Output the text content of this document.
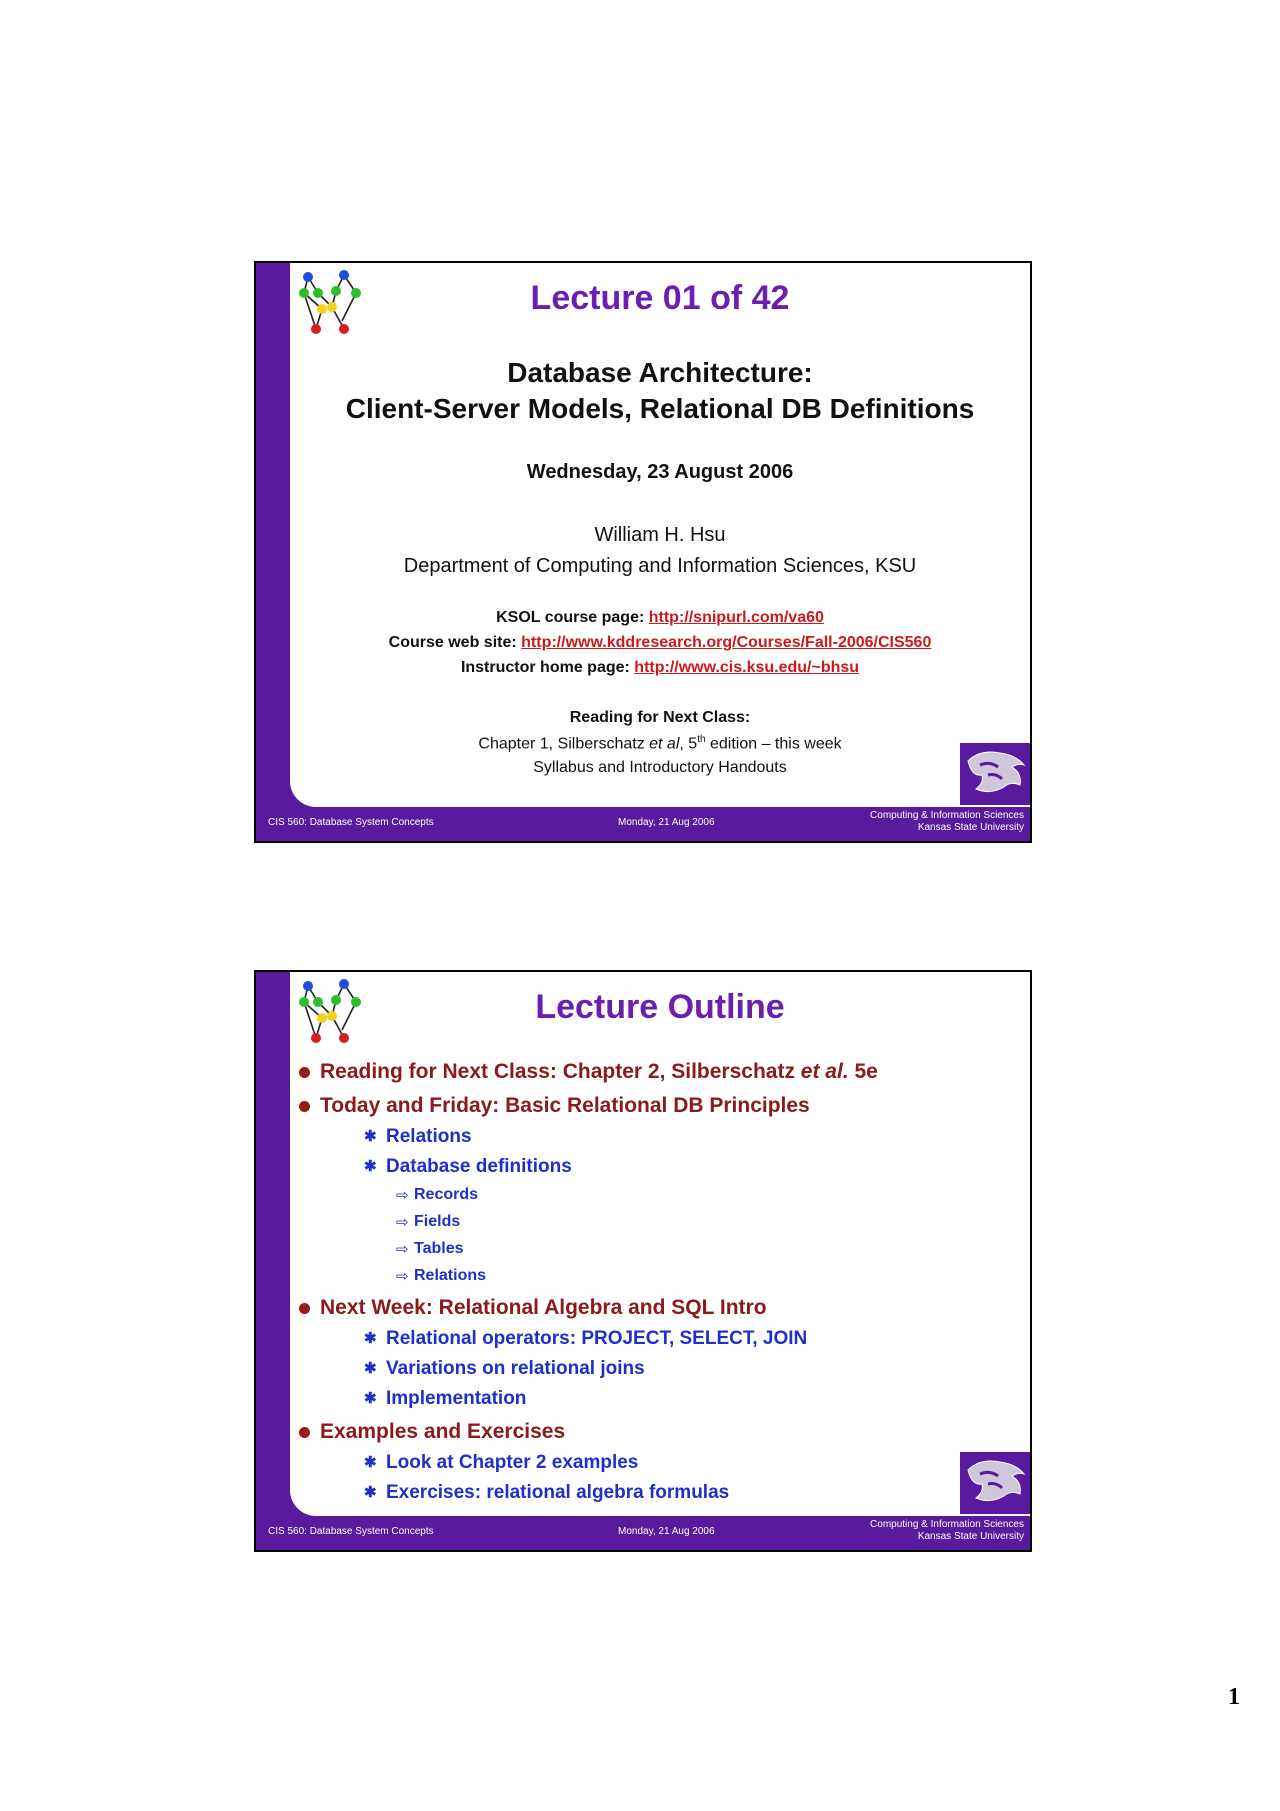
Lecture 01 of 42
Database Architecture:
Client-Server Models, Relational DB Definitions
Wednesday, 23 August 2006
William H. Hsu
Department of Computing and Information Sciences, KSU
KSOL course page: http://snipurl.com/va60
Course web site: http://www.kddresearch.org/Courses/Fall-2006/CIS560
Instructor home page: http://www.cis.ksu.edu/~bhsu
Reading for Next Class:
Chapter 1, Silberschatz et al, 5th edition – this week
Syllabus and Introductory Handouts
CIS 560: Database System Concepts	Monday, 21 Aug 2006
Computing & Information Sciences
Kansas State University
Lecture Outline
Reading for Next Class: Chapter 2, Silberschatz et al. 5e
Today and Friday: Basic Relational DB Principles
✱ Relations
✱ Database definitions
⇨ Records
⇨ Fields
⇨ Tables
⇨ Relations
Next Week: Relational Algebra and SQL Intro
✱ Relational operators: PROJECT, SELECT, JOIN
✱ Variations on relational joins
✱ Implementation
Examples and Exercises
✱ Look at Chapter 2 examples
✱ Exercises: relational algebra formulas
CIS 560: Database System Concepts	Monday, 21 Aug 2006
Computing & Information Sciences
Kansas State University
1
